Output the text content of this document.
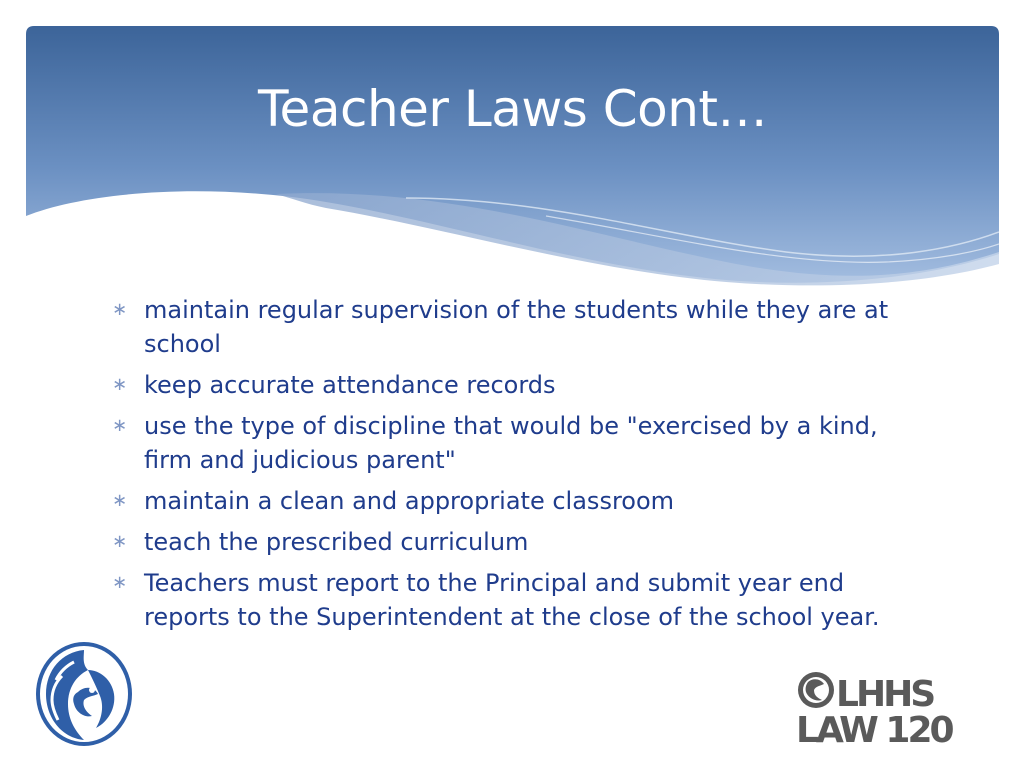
Teacher Laws Cont…
∗ maintain regular supervision of the students while they are at school
∗ keep accurate attendance records
∗ use the type of discipline that would be "exercised by a kind, firm and judicious parent"
∗ maintain a clean and appropriate classroom
∗ teach the prescribed curriculum
∗ Teachers must report to the Principal and submit year end reports to the Superintendent at the close of the school year.
LHHS
LAW 120
